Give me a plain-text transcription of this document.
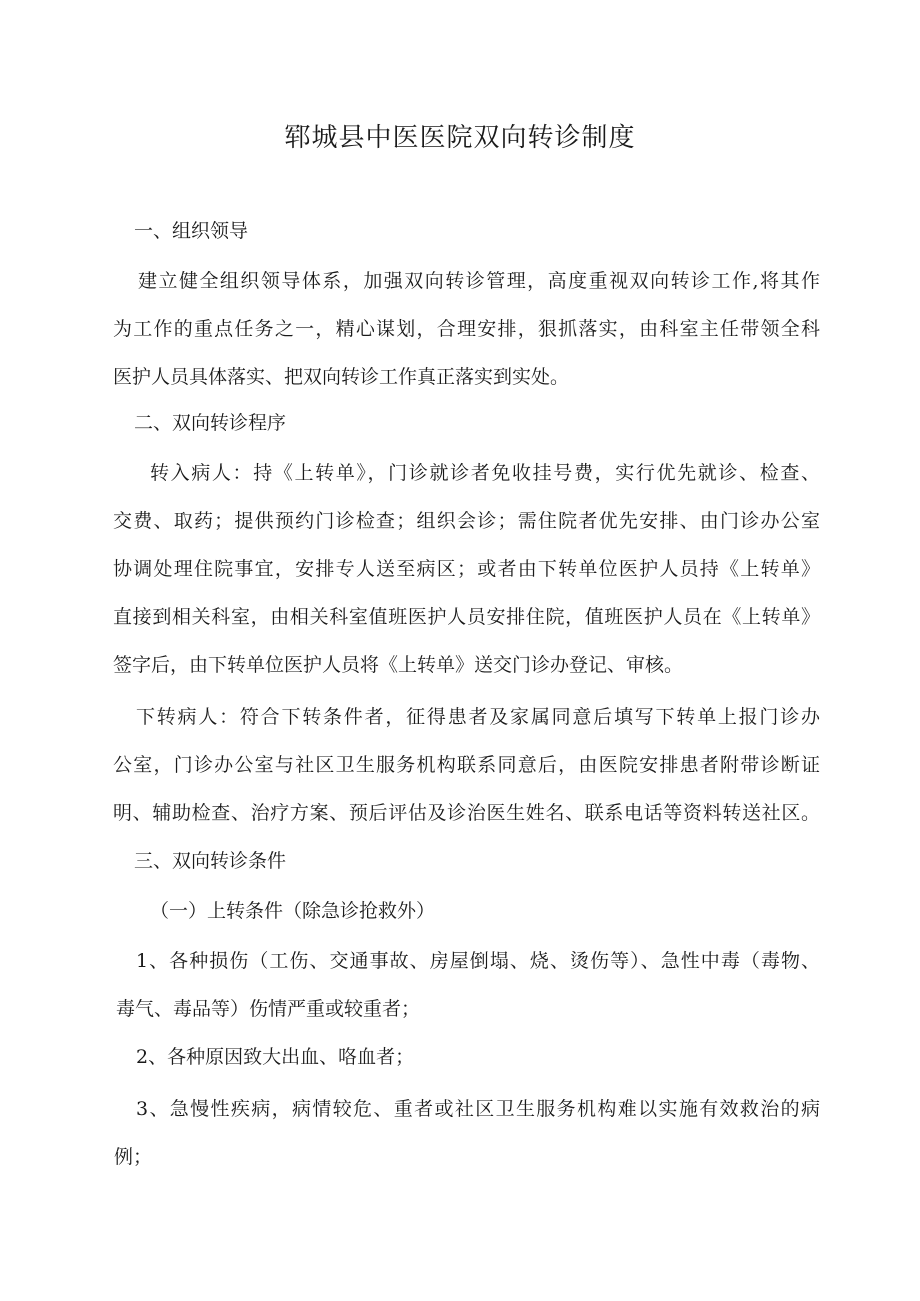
郓城县中医医院双向转诊制度

一、组织领导

建立健全组织领导体系，加强双向转诊管理，高度重视双向转诊工作,将其作

为工作的重点任务之一，精心谋划，合理安排，狠抓落实，由科室主任带领全科

医护人员具体落实、把双向转诊工作真正落实到实处。

二、双向转诊程序

转入病人：持《上转单》，门诊就诊者免收挂号费，实行优先就诊、检查、

交费、取药；提供预约门诊检查；组织会诊；需住院者优先安排、由门诊办公室

协调处理住院事宜，安排专人送至病区；或者由下转单位医护人员持《上转单》

直接到相关科室，由相关科室值班医护人员安排住院，值班医护人员在《上转单》

签字后，由下转单位医护人员将《上转单》送交门诊办登记、审核。

下转病人：符合下转条件者，征得患者及家属同意后填写下转单上报门诊办

公室，门诊办公室与社区卫生服务机构联系同意后，由医院安排患者附带诊断证

明、辅助检查、治疗方案、预后评估及诊治医生姓名、联系电话等资料转送社区。

三、双向转诊条件

（一）上转条件（除急诊抢救外）

1、各种损伤（工伤、交通事故、房屋倒塌、烧、烫伤等）、急性中毒（毒物、

毒气、毒品等）伤情严重或较重者；

2、各种原因致大出血、咯血者；

3、急慢性疾病，病情较危、重者或社区卫生服务机构难以实施有效救治的病

例；
